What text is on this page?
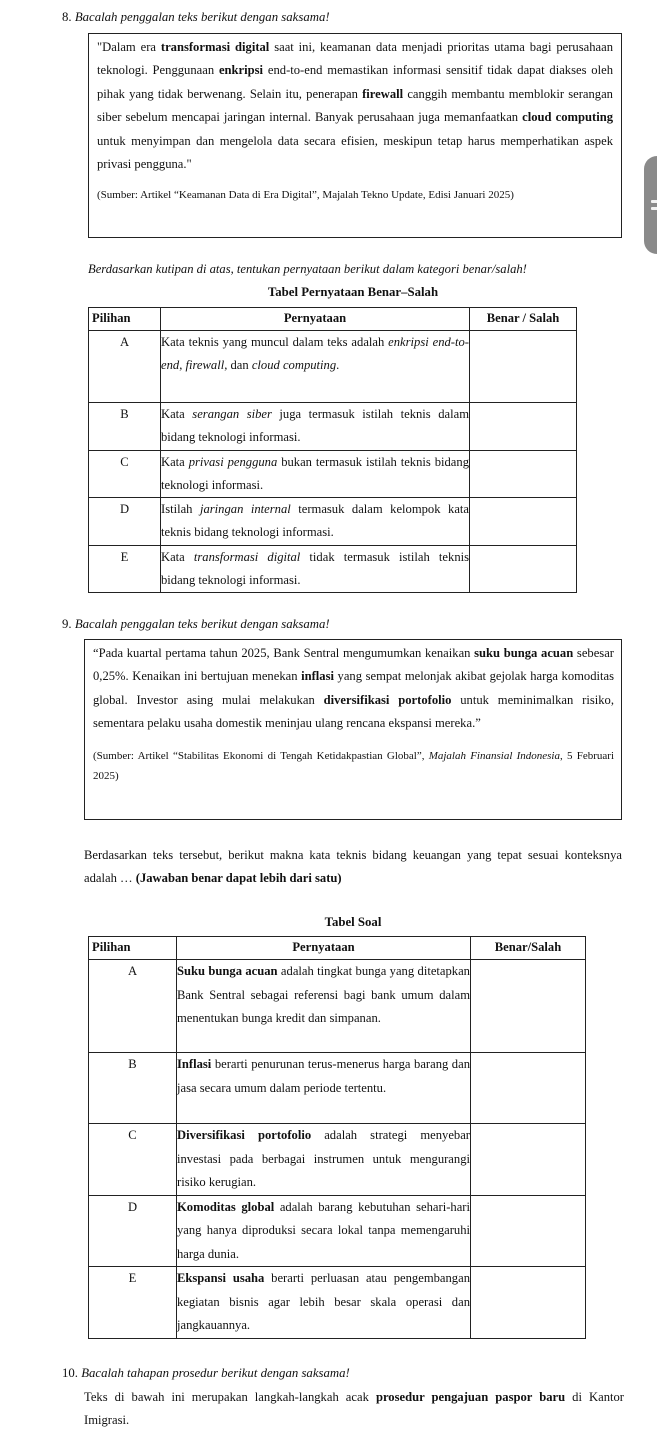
8. Bacalah penggalan teks berikut dengan saksama!
"Dalam era transformasi digital saat ini, keamanan data menjadi prioritas utama bagi perusahaan teknologi. Penggunaan enkripsi end-to-end memastikan informasi sensitif tidak dapat diakses oleh pihak yang tidak berwenang. Selain itu, penerapan firewall canggih membantu memblokir serangan siber sebelum mencapai jaringan internal. Banyak perusahaan juga memanfaatkan cloud computing untuk menyimpan dan mengelola data secara efisien, meskipun tetap harus memperhatikan aspek privasi pengguna."
(Sumber: Artikel “Keamanan Data di Era Digital”, Majalah Tekno Update, Edisi Januari 2025)
Berdasarkan kutipan di atas, tentukan pernyataan berikut dalam kategori benar/salah!
Tabel Pernyataan Benar–Salah
Pilihan	Pernyataan	Benar / Salah
A	Kata teknis yang muncul dalam teks adalah enkripsi end-to-end, firewall, dan cloud computing.	
B	Kata serangan siber juga termasuk istilah teknis dalam bidang teknologi informasi.	
C	Kata privasi pengguna bukan termasuk istilah teknis bidang teknologi informasi.	
D	Istilah jaringan internal termasuk dalam kelompok kata teknis bidang teknologi informasi.	
E	Kata transformasi digital tidak termasuk istilah teknis bidang teknologi informasi.	
9. Bacalah penggalan teks berikut dengan saksama!
“Pada kuartal pertama tahun 2025, Bank Sentral mengumumkan kenaikan suku bunga acuan sebesar 0,25%. Kenaikan ini bertujuan menekan inflasi yang sempat melonjak akibat gejolak harga komoditas global. Investor asing mulai melakukan diversifikasi portofolio untuk meminimalkan risiko, sementara pelaku usaha domestik meninjau ulang rencana ekspansi mereka.”
(Sumber: Artikel “Stabilitas Ekonomi di Tengah Ketidakpastian Global”, Majalah Finansial Indonesia, 5 Februari 2025)
Berdasarkan teks tersebut, berikut makna kata teknis bidang keuangan yang tepat sesuai konteksnya adalah … (Jawaban benar dapat lebih dari satu)
Tabel Soal
Pilihan	Pernyataan	Benar/Salah
A	Suku bunga acuan adalah tingkat bunga yang ditetapkan Bank Sentral sebagai referensi bagi bank umum dalam menentukan bunga kredit dan simpanan.	
B	Inflasi berarti penurunan terus-menerus harga barang dan jasa secara umum dalam periode tertentu.	
C	Diversifikasi portofolio adalah strategi menyebar investasi pada berbagai instrumen untuk mengurangi risiko kerugian.	
D	Komoditas global adalah barang kebutuhan sehari-hari yang hanya diproduksi secara lokal tanpa memengaruhi harga dunia.	
E	Ekspansi usaha berarti perluasan atau pengembangan kegiatan bisnis agar lebih besar skala operasi dan jangkauannya.	
10. Bacalah tahapan prosedur berikut dengan saksama!
Teks di bawah ini merupakan langkah-langkah acak prosedur pengajuan paspor baru di Kantor Imigrasi.
